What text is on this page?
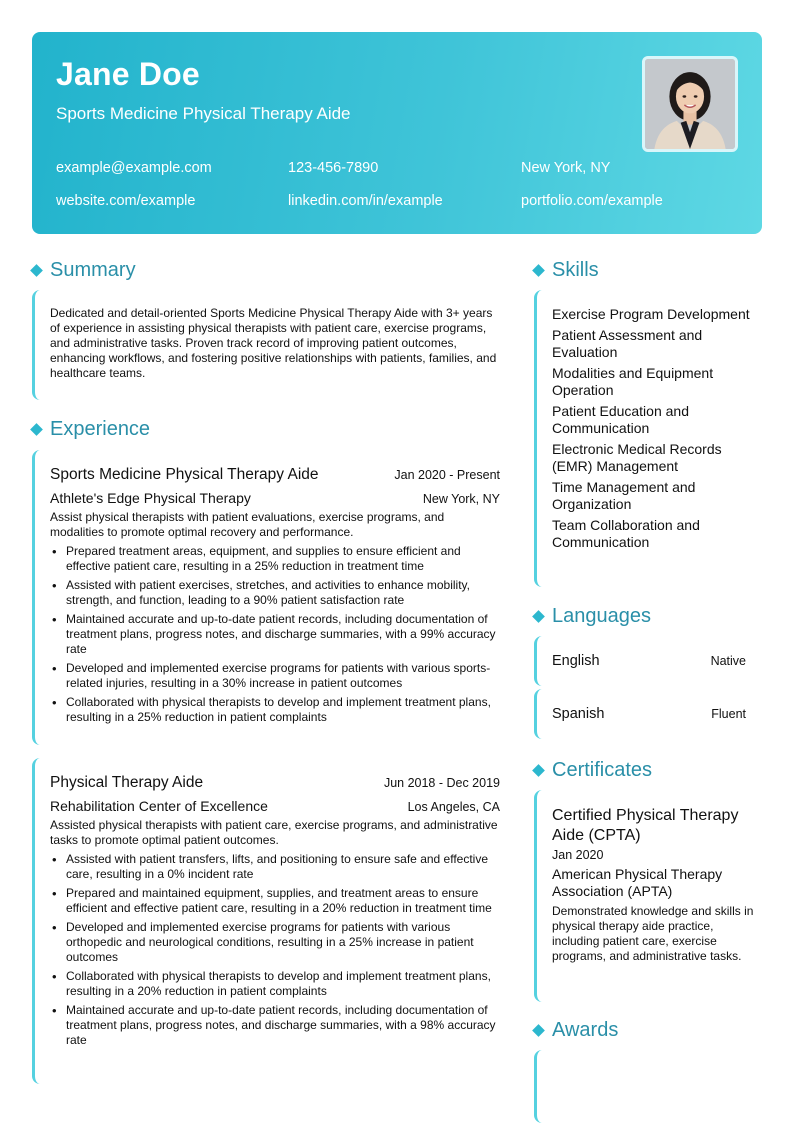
Jane Doe
Sports Medicine Physical Therapy Aide
example@example.com	123-456-7890	New York, NY
website.com/example	linkedin.com/in/example	portfolio.com/example
Summary
Dedicated and detail-oriented Sports Medicine Physical Therapy Aide with 3+ years of experience in assisting physical therapists with patient care, exercise programs, and administrative tasks. Proven track record of improving patient outcomes, enhancing workflows, and fostering positive relationships with patients, families, and healthcare teams.
Experience
Sports Medicine Physical Therapy Aide	Jan 2020 - Present
Athlete's Edge Physical Therapy	New York, NY
Assist physical therapists with patient evaluations, exercise programs, and modalities to promote optimal recovery and performance.
• Prepared treatment areas, equipment, and supplies to ensure efficient and effective patient care, resulting in a 25% reduction in treatment time
• Assisted with patient exercises, stretches, and activities to enhance mobility, strength, and function, leading to a 90% patient satisfaction rate
• Maintained accurate and up-to-date patient records, including documentation of treatment plans, progress notes, and discharge summaries, with a 99% accuracy rate
• Developed and implemented exercise programs for patients with various sports-related injuries, resulting in a 30% increase in patient outcomes
• Collaborated with physical therapists to develop and implement treatment plans, resulting in a 25% reduction in patient complaints
Physical Therapy Aide	Jun 2018 - Dec 2019
Rehabilitation Center of Excellence	Los Angeles, CA
Assisted physical therapists with patient care, exercise programs, and administrative tasks to promote optimal patient outcomes.
• Assisted with patient transfers, lifts, and positioning to ensure safe and effective care, resulting in a 0% incident rate
• Prepared and maintained equipment, supplies, and treatment areas to ensure efficient and effective patient care, resulting in a 20% reduction in treatment time
• Developed and implemented exercise programs for patients with various orthopedic and neurological conditions, resulting in a 25% increase in patient outcomes
• Collaborated with physical therapists to develop and implement treatment plans, resulting in a 20% reduction in patient complaints
• Maintained accurate and up-to-date patient records, including documentation of treatment plans, progress notes, and discharge summaries, with a 98% accuracy rate
Skills
Exercise Program Development
Patient Assessment and Evaluation
Modalities and Equipment Operation
Patient Education and Communication
Electronic Medical Records (EMR) Management
Time Management and Organization
Team Collaboration and Communication
Languages
English	Native
Spanish	Fluent
Certificates
Certified Physical Therapy Aide (CPTA)
Jan 2020
American Physical Therapy Association (APTA)
Demonstrated knowledge and skills in physical therapy aide practice, including patient care, exercise programs, and administrative tasks.
Awards
